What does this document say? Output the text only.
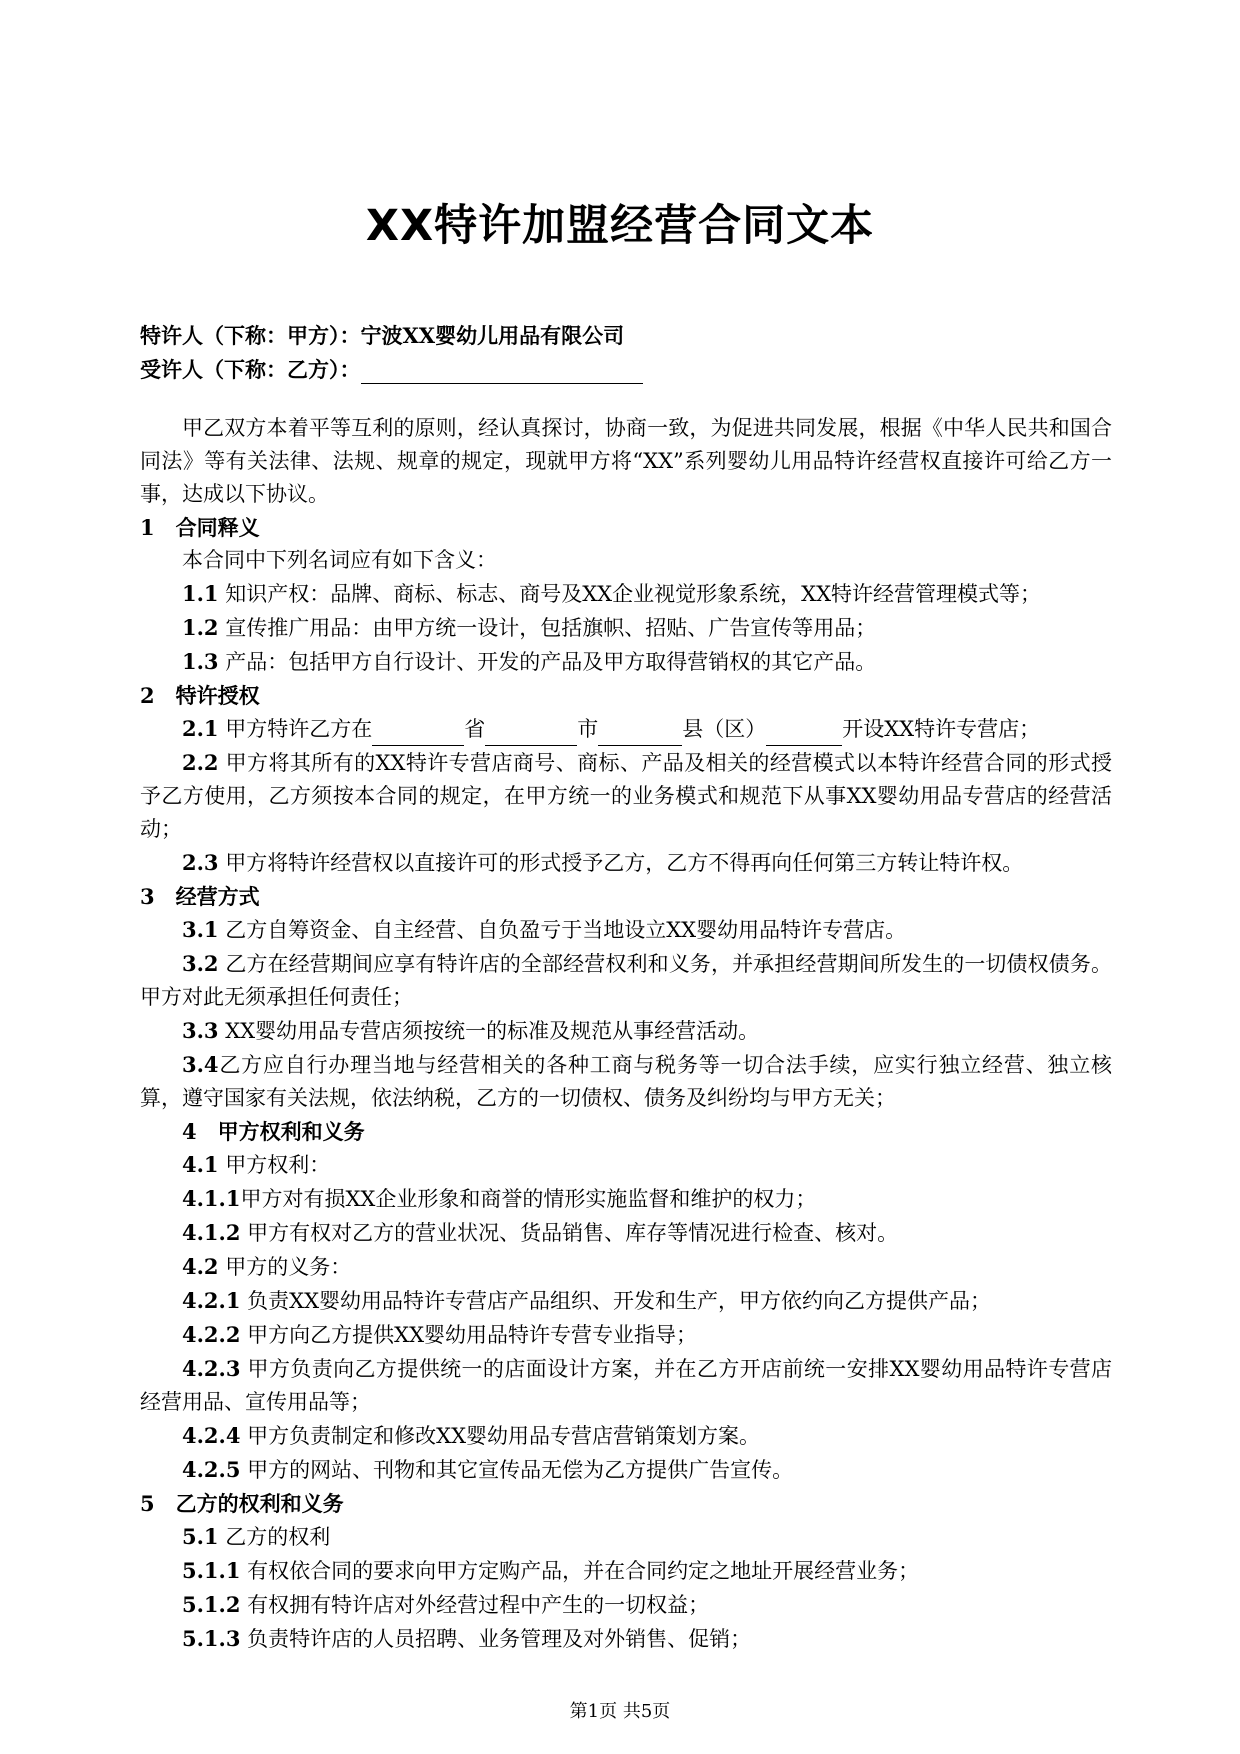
XX特许加盟经营合同文本
特许人（下称：甲方）：宁波XX婴幼儿用品有限公司
受许人（下称：乙方）：

甲乙双方本着平等互利的原则，经认真探讨，协商一致，为促进共同发展，根据《中华人民共和国合同法》等有关法律、法规、规章的规定，现就甲方将“XX”系列婴幼儿用品特许经营权直接许可给乙方一事，达成以下协议。

1　合同释义

本合同中下列名词应有如下含义：

1.1 知识产权：品牌、商标、标志、商号及XX企业视觉形象系统，XX特许经营管理模式等；

1.2 宣传推广用品：由甲方统一设计，包括旗帜、招贴、广告宣传等用品；

1.3 产品：包括甲方自行设计、开发的产品及甲方取得营销权的其它产品。

2　特许授权

2.1 甲方特许乙方在	省	市	县（区）	开设XX特许专营店；

2.2 甲方将其所有的XX特许专营店商号、商标、产品及相关的经营模式以本特许经营合同的形式授予乙方使用，乙方须按本合同的规定，在甲方统一的业务模式和规范下从事XX婴幼用品专营店的经营活动；

2.3 甲方将特许经营权以直接许可的形式授予乙方，乙方不得再向任何第三方转让特许权。

3　经营方式

3.1 乙方自筹资金、自主经营、自负盈亏于当地设立XX婴幼用品特许专营店。

3.2 乙方在经营期间应享有特许店的全部经营权利和义务，并承担经营期间所发生的一切债权债务。甲方对此无须承担任何责任；

3.3 XX婴幼用品专营店须按统一的标准及规范从事经营活动。

3.4乙方应自行办理当地与经营相关的各种工商与税务等一切合法手续，应实行独立经营、独立核算，遵守国家有关法规，依法纳税，乙方的一切债权、债务及纠纷均与甲方无关；

4　甲方权利和义务

4.1 甲方权利：

4.1.1甲方对有损XX企业形象和商誉的情形实施监督和维护的权力；

4.1.2 甲方有权对乙方的营业状况、货品销售、库存等情况进行检查、核对。

4.2 甲方的义务：

4.2.1 负责XX婴幼用品特许专营店产品组织、开发和生产，甲方依约向乙方提供产品；

4.2.2 甲方向乙方提供XX婴幼用品特许专营专业指导；

4.2.3 甲方负责向乙方提供统一的店面设计方案，并在乙方开店前统一安排XX婴幼用品特许专营店经营用品、宣传用品等；

4.2.4 甲方负责制定和修改XX婴幼用品专营店营销策划方案。

4.2.5 甲方的网站、刊物和其它宣传品无偿为乙方提供广告宣传。

5　乙方的权利和义务

5.1 乙方的权利

5.1.1 有权依合同的要求向甲方定购产品，并在合同约定之地址开展经营业务；

5.1.2 有权拥有特许店对外经营过程中产生的一切权益；

5.1.3 负责特许店的人员招聘、业务管理及对外销售、促销；

第1页 共5页
